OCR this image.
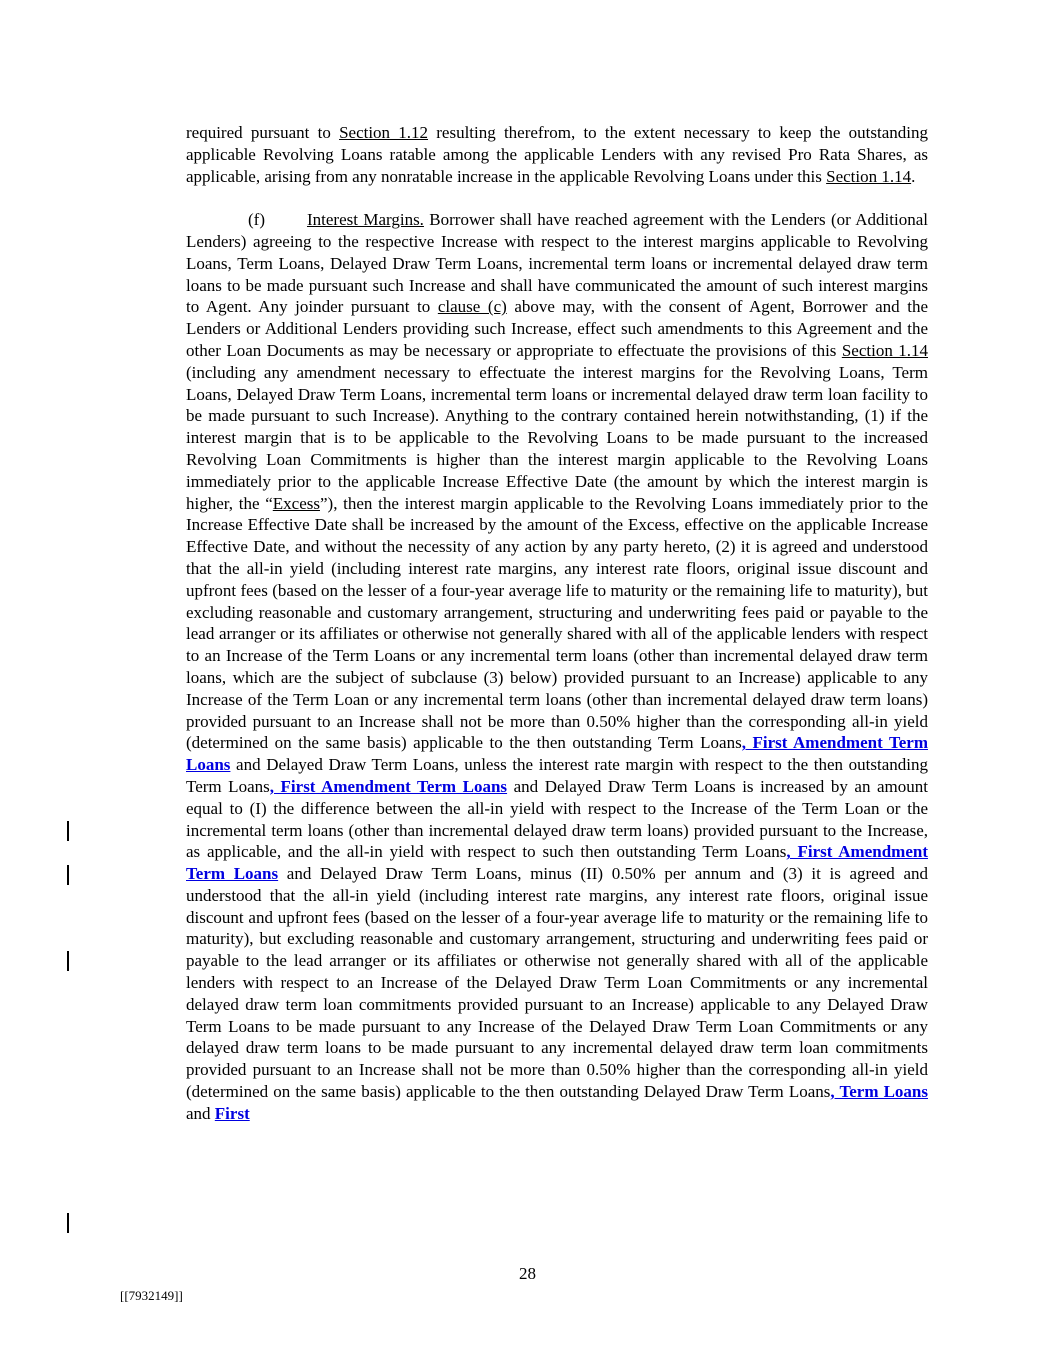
required pursuant to Section 1.12 resulting therefrom, to the extent necessary to keep the outstanding applicable Revolving Loans ratable among the applicable Lenders with any revised Pro Rata Shares, as applicable, arising from any nonratable increase in the applicable Revolving Loans under this Section 1.14.

(f) Interest Margins. Borrower shall have reached agreement with the Lenders (or Additional Lenders) agreeing to the respective Increase with respect to the interest margins applicable to Revolving Loans, Term Loans, Delayed Draw Term Loans, incremental term loans or incremental delayed draw term loans to be made pursuant such Increase and shall have communicated the amount of such interest margins to Agent. Any joinder pursuant to clause (c) above may, with the consent of Agent, Borrower and the Lenders or Additional Lenders providing such Increase, effect such amendments to this Agreement and the other Loan Documents as may be necessary or appropriate to effectuate the provisions of this Section 1.14 (including any amendment necessary to effectuate the interest margins for the Revolving Loans, Term Loans, Delayed Draw Term Loans, incremental term loans or incremental delayed draw term loan facility to be made pursuant to such Increase). Anything to the contrary contained herein notwithstanding, (1) if the interest margin that is to be applicable to the Revolving Loans to be made pursuant to the increased Revolving Loan Commitments is higher than the interest margin applicable to the Revolving Loans immediately prior to the applicable Increase Effective Date (the amount by which the interest margin is higher, the “Excess”), then the interest margin applicable to the Revolving Loans immediately prior to the Increase Effective Date shall be increased by the amount of the Excess, effective on the applicable Increase Effective Date, and without the necessity of any action by any party hereto, (2) it is agreed and understood that the all-in yield (including interest rate margins, any interest rate floors, original issue discount and upfront fees (based on the lesser of a four-year average life to maturity or the remaining life to maturity), but excluding reasonable and customary arrangement, structuring and underwriting fees paid or payable to the lead arranger or its affiliates or otherwise not generally shared with all of the applicable lenders with respect to an Increase of the Term Loans or any incremental term loans (other than incremental delayed draw term loans, which are the subject of subclause (3) below) provided pursuant to an Increase) applicable to any Increase of the Term Loan or any incremental term loans (other than incremental delayed draw term loans) provided pursuant to an Increase shall not be more than 0.50% higher than the corresponding all-in yield (determined on the same basis) applicable to the then outstanding Term Loans, First Amendment Term Loans and Delayed Draw Term Loans, unless the interest rate margin with respect to the then outstanding Term Loans, First Amendment Term Loans and Delayed Draw Term Loans is increased by an amount equal to (I) the difference between the all-in yield with respect to the Increase of the Term Loan or the incremental term loans (other than incremental delayed draw term loans) provided pursuant to the Increase, as applicable, and the all-in yield with respect to such then outstanding Term Loans, First Amendment Term Loans and Delayed Draw Term Loans, minus (II) 0.50% per annum and (3) it is agreed and understood that the all-in yield (including interest rate margins, any interest rate floors, original issue discount and upfront fees (based on the lesser of a four-year average life to maturity or the remaining life to maturity), but excluding reasonable and customary arrangement, structuring and underwriting fees paid or payable to the lead arranger or its affiliates or otherwise not generally shared with all of the applicable lenders with respect to an Increase of the Delayed Draw Term Loan Commitments or any incremental delayed draw term loan commitments provided pursuant to an Increase) applicable to any Delayed Draw Term Loans to be made pursuant to any Increase of the Delayed Draw Term Loan Commitments or any delayed draw term loans to be made pursuant to any incremental delayed draw term loan commitments provided pursuant to an Increase shall not be more than 0.50% higher than the corresponding all-in yield (determined on the same basis) applicable to the then outstanding Delayed Draw Term Loans, Term Loans and First

28
[[7932149]]
